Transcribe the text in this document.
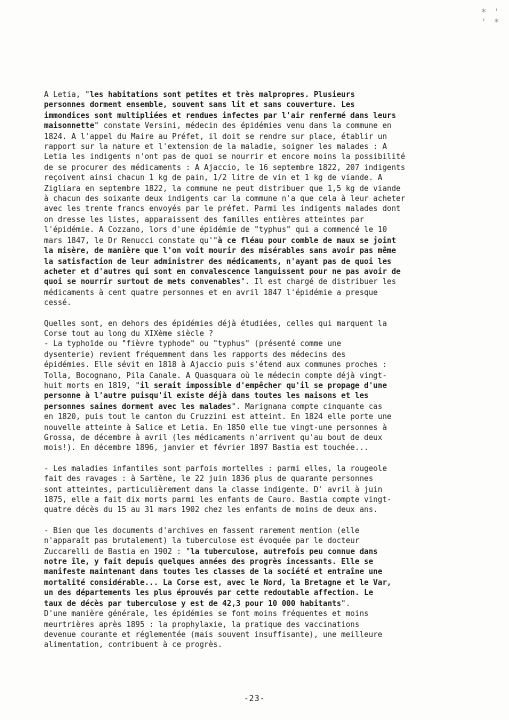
* ' ' *
A Letia, "les habitations sont petites et très malpropres. Plusieurs
personnes dorment ensemble, souvent sans lit et sans couverture. Les
immondices sont multipliées et rendues infectes par l'air renfermé dans leurs
maisonnette" constate Versini, médecin des épidémies venu dans la commune en
1824. A l'appel du Maire au Préfet, il doit se rendre sur place, établir un
rapport sur la nature et l'extension de la maladie, soigner les malades : A
Letia les indigents n'ont pas de quoi se nourrir et encore moins la possibilité
de se procurer des médicaments : A Ajaccio, le 16 septembre 1822, 207 indigents
reçoivent ainsi chacun 1 kg de pain, 1/2 litre de vin et 1 kg de viande. A
Zigliara en septembre 1822, la commune ne peut distribuer que 1,5 kg de viande
à chacun des soixante deux indigents car la commune n'a que cela à leur acheter
avec les trente francs envoyés par le préfet. Parmi les indigents malades dont
on dresse les listes, apparaissent des familles entières atteintes par
l'épidémie. A Cozzano, lors d'une épidémie de "typhus" qui a commencé le 10
mars 1847, le Dr Renucci constate qu'"à ce fléau pour comble de maux se joint
la misère, de manière que l'on voit mourir des misérables sans avoir pas même
la satisfaction de leur administrer des médicaments, n'ayant pas de quoi les
acheter et d'autres qui sont en convalescence languissent pour ne pas avoir de
quoi se nourrir surtout de mets convenables". Il est chargé de distribuer les
médicaments à cent quatre personnes et en avril 1847 l'épidémie a presque
cessé.
Quelles sont, en dehors des épidémies déjà étudiées, celles qui marquent la
Corse tout au long du XIXème siècle ?
- La typhoïde ou "fièvre typhode" ou "typhus" (présenté comme une
dysenterie) revient fréquemment dans les rapports des médecins des
épidémies. Elle sévit en 1818 à Ajaccio puis s'étend aux communes proches :
Tolla, Bocognano, Pila Canale. A Quasquara où le médecin compte déjà vingt-
huit morts en 1819, "il serait impossible d'empêcher qu'il se propage d'une
personne à l'autre puisqu'il existe déjà dans toutes les maisons et les
personnes saines dorment avec les malades". Marignana compte cinquante cas
en 1820, puis tout le canton du Cruzzini est atteint. En 1824 elle porte une
nouvelle atteinte à Salice et Letia. En 1850 elle tue vingt-une personnes à
Grossa, de décembre à avril (les médicaments n'arrivent qu'au bout de deux
mois!). En décembre 1896, janvier et février 1897 Bastia est touchée...
- Les maladies infantiles sont parfois mortelles : parmi elles, la rougeole
fait des ravages : à Sartène, le 22 juin 1836 plus de quarante personnes
sont atteintes, particulièrement dans la classe indigente. D' avril à juin
1875, elle a fait dix morts parmi les enfants de Cauro. Bastia compte vingt-
quatre décès du 15 au 31 mars 1902 chez les enfants de moins de deux ans.
- Bien que les documents d'archives en fassent rarement mention (elle
n'apparaît pas brutalement) la tuberculose est évoquée par le docteur
Zuccarelli de Bastia en 1902 : "la tuberculose, autrefois peu connue dans
notre île, y fait depuis quelques années des progrès incessants. Elle se
manifeste maintenant dans toutes les classes de la société et entraîne une
mortalité considérable... La Corse est, avec le Nord, la Bretagne et le Var,
un des départements les plus éprouvés par cette redoutable affection. Le
taux de décès par tuberculose y est de 42,3 pour 10 000 habitants".
D'une manière générale, les épidémies se font moins fréquentes et moins
meurtrières après 1895 : la prophylaxie, la pratique des vaccinations
devenue courante et réglementée (mais souvent insuffisante), une meilleure
alimentation, contribuent à ce progrès.
-23-
